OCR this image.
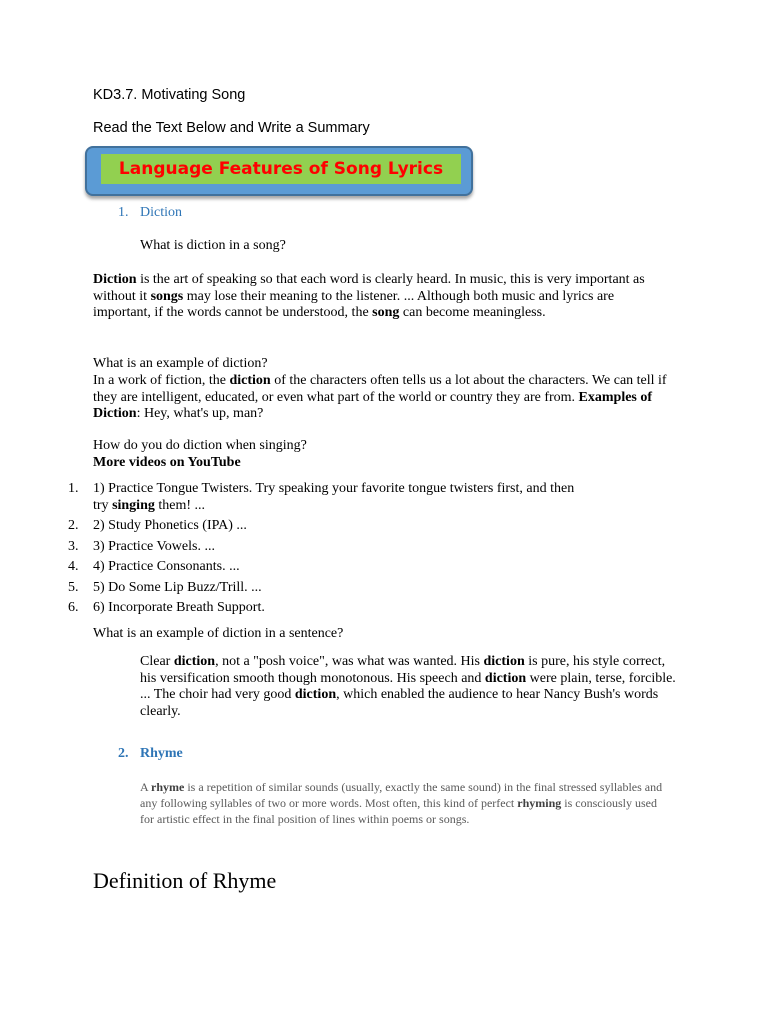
KD3.7. Motivating Song
Read the Text Below and Write a Summary
Language Features of Song Lyrics
1. Diction
What is diction in a song?
Diction is the art of speaking so that each word is clearly heard. In music, this is very important as without it songs may lose their meaning to the listener. ... Although both music and lyrics are important, if the words cannot be understood, the song can become meaningless.
What is an example of diction?
In a work of fiction, the diction of the characters often tells us a lot about the characters. We can tell if they are intelligent, educated, or even what part of the world or country they are from. Examples of Diction: Hey, what's up, man?
How do you do diction when singing?
More videos on YouTube
1.	1) Practice Tongue Twisters. Try speaking your favorite tongue twisters first, and then
try singing them! ...
2.	2) Study Phonetics (IPA) ...
3.	3) Practice Vowels. ...
4.	4) Practice Consonants. ...
5.	5) Do Some Lip Buzz/Trill. ...
6.	6) Incorporate Breath Support.
What is an example of diction in a sentence?
Clear diction, not a "posh voice", was what was wanted. His diction is pure, his style correct, his versification smooth though monotonous. His speech and diction were plain, terse, forcible. ... The choir had very good diction, which enabled the audience to hear Nancy Bush's words clearly.
2. Rhyme
A rhyme is a repetition of similar sounds (usually, exactly the same sound) in the final stressed syllables and any following syllables of two or more words. Most often, this kind of perfect rhyming is consciously used for artistic effect in the final position of lines within poems or songs.
Definition of Rhyme
